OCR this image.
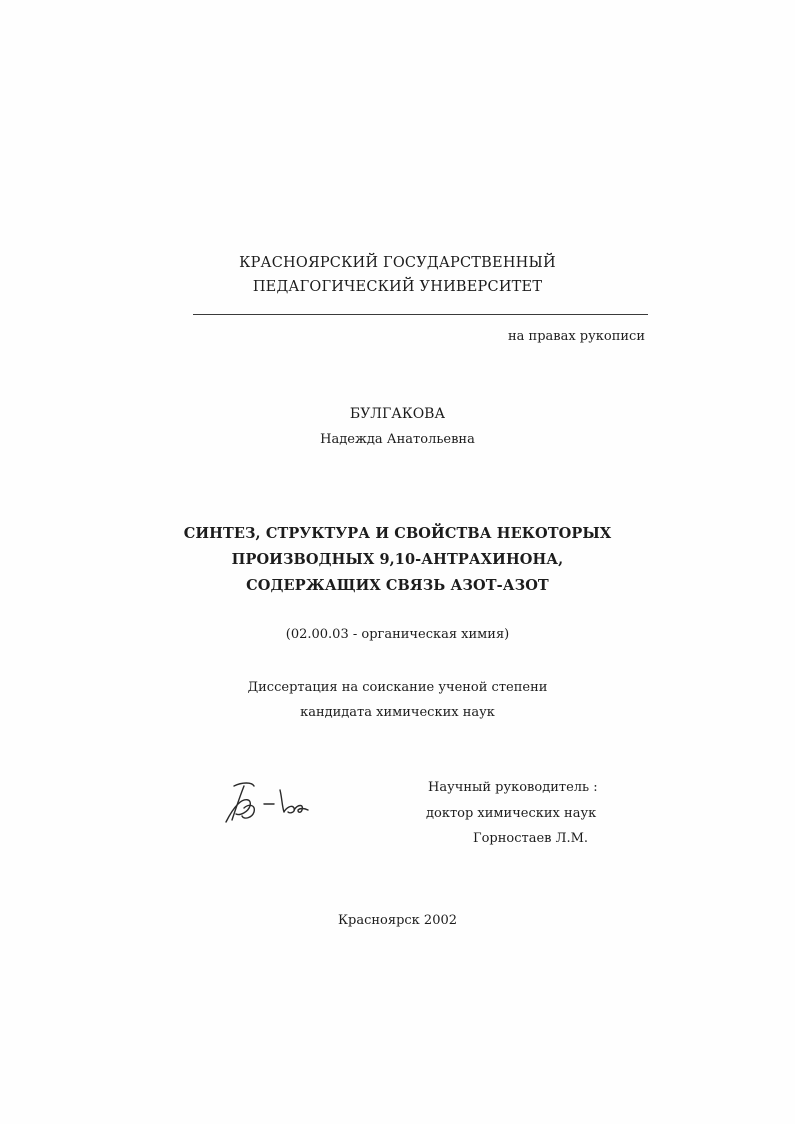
КРАСНОЯРСКИЙ ГОСУДАРСТВЕННЫЙ
ПЕДАГОГИЧЕСКИЙ УНИВЕРСИТЕТ
на правах рукописи
БУЛГАКОВА
Надежда Анатольевна
СИНТЕЗ, СТРУКТУРА И СВОЙСТВА НЕКОТОРЫХ
ПРОИЗВОДНЫХ 9,10-АНТРАХИНОНА,
СОДЕРЖАЩИХ СВЯЗЬ АЗОТ-АЗОТ
(02.00.03 - органическая химия)
Диссертация на соискание ученой степени
кандидата химических наук
Бу - ва
Научный руководитель :
доктор химических наук
Горностаев Л.М.
Красноярск 2002
